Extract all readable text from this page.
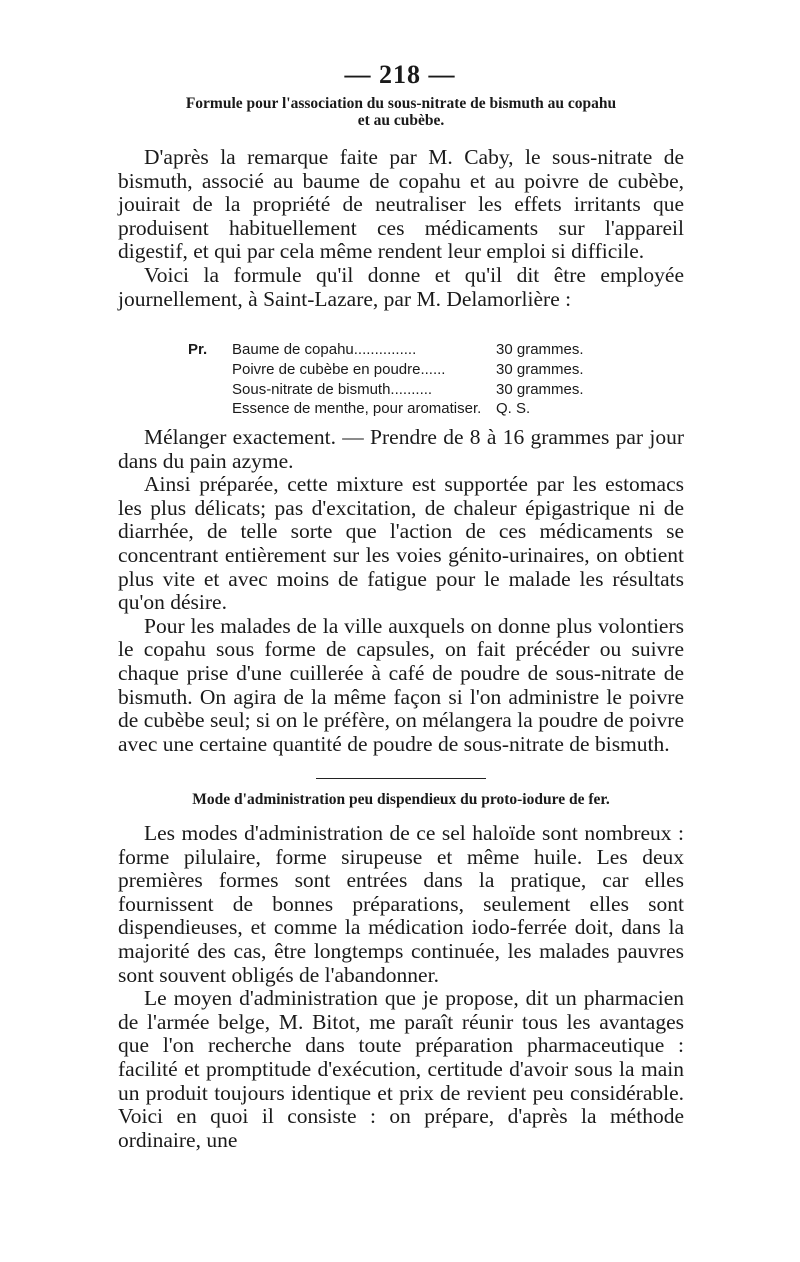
— 218 —
Formule pour l'association du sous-nitrate de bismuth au copahu
et au cubèbe.

D'après la remarque faite par M. Caby, le sous-nitrate de bismuth, associé au baume de copahu et au poivre de cubèbe, jouirait de la propriété de neutraliser les effets irritants que produisent habituellement ces médicaments sur l'appareil digestif, et qui par cela même rendent leur emploi si difficile.

Voici la formule qu'il donne et qu'il dit être employée journellement, à Saint-Lazare, par M. Delamorlière :

Pr.	Baume de copahu...............	30 grammes.
	Poivre de cubèbe en poudre......	30 grammes.
	Sous-nitrate de bismuth..........	30 grammes.
	Essence de menthe, pour aromatiser.	Q. S.

Mélanger exactement. — Prendre de 8 à 16 grammes par jour dans du pain azyme.

Ainsi préparée, cette mixture est supportée par les estomacs les plus délicats; pas d'excitation, de chaleur épigastrique ni de diarrhée, de telle sorte que l'action de ces médicaments se concentrant entièrement sur les voies génito-urinaires, on obtient plus vite et avec moins de fatigue pour le malade les résultats qu'on désire.

Pour les malades de la ville auxquels on donne plus volontiers le copahu sous forme de capsules, on fait précéder ou suivre chaque prise d'une cuillerée à café de poudre de sous-nitrate de bismuth. On agira de la même façon si l'on administre le poivre de cubèbe seul; si on le préfère, on mélangera la poudre de poivre avec une certaine quantité de poudre de sous-nitrate de bismuth.

Mode d'administration peu dispendieux du proto-iodure de fer.

Les modes d'administration de ce sel haloïde sont nombreux : forme pilulaire, forme sirupeuse et même huile. Les deux premières formes sont entrées dans la pratique, car elles fournissent de bonnes préparations, seulement elles sont dispendieuses, et comme la médication iodo-ferrée doit, dans la majorité des cas, être longtemps continuée, les malades pauvres sont souvent obligés de l'abandonner.

Le moyen d'administration que je propose, dit un pharmacien de l'armée belge, M. Bitot, me paraît réunir tous les avantages que l'on recherche dans toute préparation pharmaceutique : facilité et promptitude d'exécution, certitude d'avoir sous la main un produit toujours identique et prix de revient peu considérable. Voici en quoi il consiste : on prépare, d'après la méthode ordinaire, une
